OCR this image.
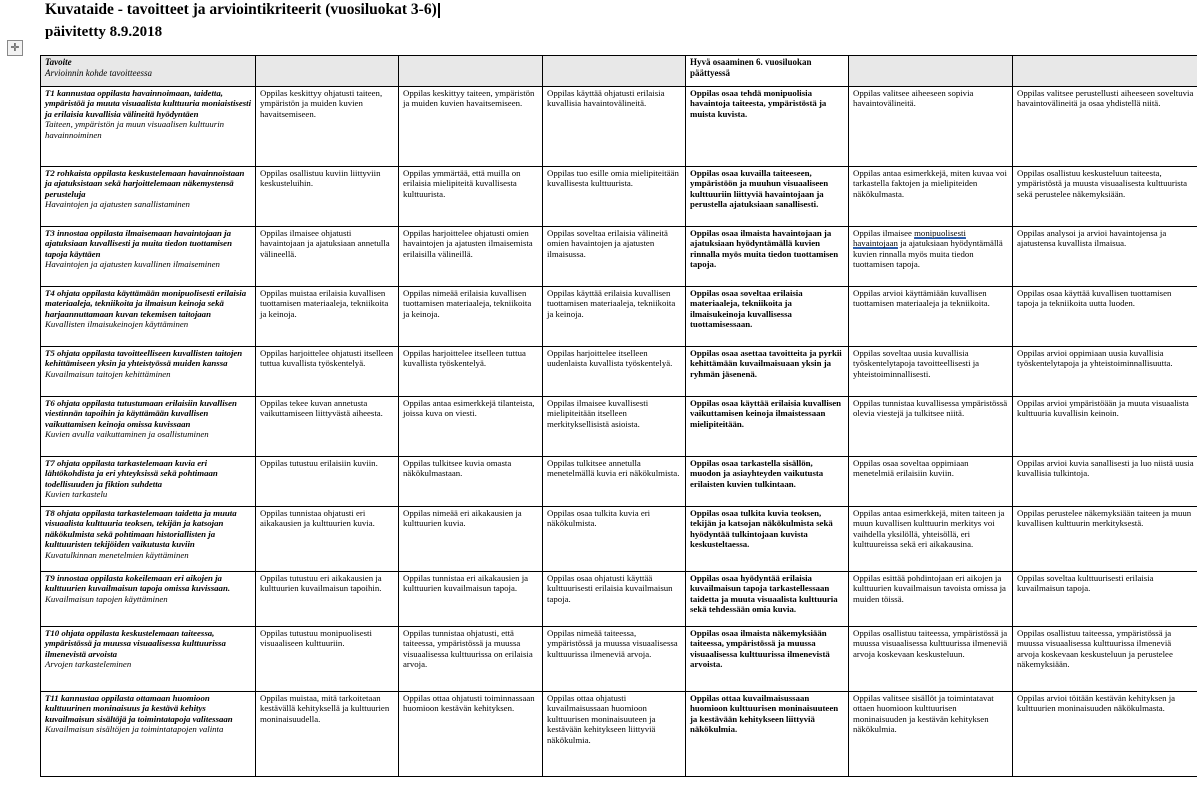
Kuvataide - tavoitteet ja arviointikriteerit (vuosiluokat 3-6)
päivitetty 8.9.2018
✛
Tavoite
Arvioinnin kohde tavoitteessa				Hyvä osaaminen 6. vuosiluokan päättyessä		

T1 kannustaa oppilasta havainnoimaan, taidetta, ympäristöä ja muuta visuaalista kulttuuria moniaistisesti ja erilaisia kuvallisia välineitä hyödyntäen
Taiteen, ympäristön ja muun visuaalisen kulttuurin havainnoiminen	Oppilas keskittyy ohjatusti taiteen, ympäristön ja muiden kuvien havaitsemiseen.	Oppilas keskittyy taiteen, ympäristön ja muiden kuvien havaitsemiseen.	Oppilas käyttää ohjatusti erilaisia kuvallisia havaintovälineitä.	Oppilas osaa tehdä monipuolisia havaintoja taiteesta, ympäristöstä ja muista kuvista.	Oppilas valitsee aiheeseen sopivia havaintovälineitä.	Oppilas valitsee perustellusti aiheeseen soveltuvia havaintovälineitä ja osaa yhdistellä niitä.

T2 rohkaista oppilasta keskustelemaan havainnoistaan ja ajatuksistaan sekä harjoittelemaan näkemystensä perusteluja
Havaintojen ja ajatusten sanallistaminen	Oppilas osallistuu kuviin liittyviin keskusteluihin.	Oppilas ymmärtää, että muilla on erilaisia mielipiteitä kuvallisesta kulttuurista.	Oppilas tuo esille omia mielipiteitään kuvallisesta kulttuurista.	Oppilas osaa kuvailla taiteeseen, ympäristöön ja muuhun visuaaliseen kulttuuriin liittyviä havaintojaan ja perustella ajatuksiaan sanallisesti.	Oppilas antaa esimerkkejä, miten kuvaa voi tarkastella faktojen ja mielipiteiden näkökulmasta.	Oppilas osallistuu keskusteluun taiteesta, ympäristöstä ja muusta visuaalisesta kulttuurista sekä perustelee näkemyksiään.

T3 innostaa oppilasta ilmaisemaan havaintojaan ja ajatuksiaan kuvallisesti ja muita tiedon tuottamisen tapoja käyttäen
Havaintojen ja ajatusten kuvallinen ilmaiseminen	Oppilas ilmaisee ohjatusti havaintojaan ja ajatuksiaan annetulla välineellä.	Oppilas harjoittelee ohjatusti omien havaintojen ja ajatusten ilmaisemista erilaisilla välineillä.	Oppilas soveltaa erilaisia välineitä omien havaintojen ja ajatusten ilmaisussa.	Oppilas osaa ilmaista havaintojaan ja ajatuksiaan hyödyntämällä kuvien rinnalla myös muita tiedon tuottamisen tapoja.	Oppilas ilmaisee monipuolisesti havaintojaan ja ajatuksiaan hyödyntämällä kuvien rinnalla myös muita tiedon tuottamisen tapoja.	Oppilas analysoi ja arvioi havaintojensa ja ajatustensa kuvallista ilmaisua.

T4 ohjata oppilasta käyttämään monipuolisesti erilaisia materiaaleja, tekniikoita ja ilmaisun keinoja sekä harjaannuttamaan kuvan tekemisen taitojaan
Kuvallisten ilmaisukeinojen käyttäminen	Oppilas muistaa erilaisia kuvallisen tuottamisen materiaaleja, tekniikoita ja keinoja.	Oppilas nimeää erilaisia kuvallisen tuottamisen materiaaleja, tekniikoita ja keinoja.	Oppilas käyttää erilaisia kuvallisen tuottamisen materiaaleja, tekniikoita ja keinoja.	Oppilas osaa soveltaa erilaisia materiaaleja, tekniikoita ja ilmaisukeinoja kuvallisessa tuottamisessaan.	Oppilas arvioi käyttämiään kuvallisen tuottamisen materiaaleja ja tekniikoita.	Oppilas osaa käyttää kuvallisen tuottamisen tapoja ja tekniikoita uutta luoden.

T5 ohjata oppilasta tavoitteelliseen kuvallisten taitojen kehittämiseen yksin ja yhteistyössä muiden kanssa
Kuvailmaisun taitojen kehittäminen	Oppilas harjoittelee ohjatusti itselleen tuttua kuvallista työskentelyä.	Oppilas harjoittelee itselleen tuttua kuvallista työskentelyä.	Oppilas harjoittelee itselleen uudenlaista kuvallista työskentelyä.	Oppilas osaa asettaa tavoitteita ja pyrkii kehittämään kuvailmaisuaan yksin ja ryhmän jäsenenä.	Oppilas soveltaa uusia kuvallisia työskentelytapoja tavoitteellisesti ja yhteistoiminnallisesti.	Oppilas arvioi oppimiaan uusia kuvallisia työskentelytapoja ja yhteistoiminnallisuutta.

T6 ohjata oppilasta tutustumaan erilaisiin kuvallisen viestinnän tapoihin ja käyttämään kuvallisen vaikuttamisen keinoja omissa kuvissaan
Kuvien avulla vaikuttaminen ja osallistuminen	Oppilas tekee kuvan annetusta vaikuttamiseen liittyvästä aiheesta.	Oppilas antaa esimerkkejä tilanteista, joissa kuva on viesti.	Oppilas ilmaisee kuvallisesti mielipiteitään itselleen merkityksellisistä asioista.	Oppilas osaa käyttää erilaisia kuvallisen vaikuttamisen keinoja ilmaistessaan mielipiteitään.	Oppilas tunnistaa kuvallisessa ympäristössä olevia viestejä ja tulkitsee niitä.	Oppilas arvioi ympäristöään ja muuta visuaalista kulttuuria kuvallisin keinoin.

T7 ohjata oppilasta tarkastelemaan kuvia eri lähtökohdista ja eri yhteyksissä sekä pohtimaan todellisuuden ja fiktion suhdetta
Kuvien tarkastelu	Oppilas tutustuu erilaisiin kuviin.	Oppilas tulkitsee kuvia omasta näkökulmastaan.	Oppilas tulkitsee annetulla menetelmällä kuvia eri näkökulmista.	Oppilas osaa tarkastella sisällön, muodon ja asiayhteyden vaikutusta erilaisten kuvien tulkintaan.	Oppilas osaa soveltaa oppimiaan menetelmiä erilaisiin kuviin.	Oppilas arvioi kuvia sanallisesti ja luo niistä uusia kuvallisia tulkintoja.

T8 ohjata oppilasta tarkastelemaan taidetta ja muuta visuaalista kulttuuria teoksen, tekijän ja katsojan näkökulmista sekä pohtimaan historiallisten ja kulttuuristen tekijöiden vaikutusta kuviin
Kuvatulkinnan menetelmien käyttäminen	Oppilas tunnistaa ohjatusti eri aikakausien ja kulttuurien kuvia.	Oppilas nimeää eri aikakausien ja kulttuurien kuvia.	Oppilas osaa tulkita kuvia eri näkökulmista.	Oppilas osaa tulkita kuvia teoksen, tekijän ja katsojan näkökulmista sekä hyödyntää tulkintojaan kuvista keskusteltaessa.	Oppilas antaa esimerkkejä, miten taiteen ja muun kuvallisen kulttuurin merkitys voi vaihdella yksilöllä, yhteisöllä, eri kulttuureissa sekä eri aikakausina.	Oppilas perustelee näkemyksiään taiteen ja muun kuvallisen kulttuurin merkityksestä.

T9 innostaa oppilasta kokeilemaan eri aikojen ja kulttuurien kuvailmaisun tapoja omissa kuvissaan.
Kuvailmaisun tapojen käyttäminen	Oppilas tutustuu eri aikakausien ja kulttuurien kuvailmaisun tapoihin.	Oppilas tunnistaa eri aikakausien ja kulttuurien kuvailmaisun tapoja.	Oppilas osaa ohjatusti käyttää kulttuurisesti erilaisia kuvailmaisun tapoja.	Oppilas osaa hyödyntää erilaisia kuvailmaisun tapoja tarkastellessaan taidetta ja muuta visuaalista kulttuuria sekä tehdessään omia kuvia.	Oppilas esittää pohdintojaan eri aikojen ja kulttuurien kuvailmaisun tavoista omissa ja muiden töissä.	Oppilas soveltaa kulttuurisesti erilaisia kuvailmaisun tapoja.

T10 ohjata oppilasta keskustelemaan taiteessa, ympäristössä ja muussa visuaalisessa kulttuurissa ilmenevistä arvoista
Arvojen tarkasteleminen	Oppilas tutustuu monipuolisesti visuaaliseen kulttuuriin.	Oppilas tunnistaa ohjatusti, että taiteessa, ympäristössä ja muussa visuaalisessa kulttuurissa on erilaisia arvoja.	Oppilas nimeää taiteessa, ympäristössä ja muussa visuaalisessa kulttuurissa ilmeneviä arvoja.	Oppilas osaa ilmaista näkemyksiään taiteessa, ympäristössä ja muussa visuaalisessa kulttuurissa ilmenevistä arvoista.	Oppilas osallistuu taiteessa, ympäristössä ja muussa visuaalisessa kulttuurissa ilmeneviä arvoja koskevaan keskusteluun.	Oppilas osallistuu taiteessa, ympäristössä ja muussa visuaalisessa kulttuurissa ilmeneviä arvoja koskevaan keskusteluun ja perustelee näkemyksiään.

T11 kannustaa oppilasta ottamaan huomioon kulttuurinen moninaisuus ja kestävä kehitys kuvailmaisun sisältöjä ja toimintatapoja valitessaan
Kuvailmaisun sisältöjen ja toimintatapojen valinta	Oppilas muistaa, mitä tarkoitetaan kestävällä kehityksellä ja kulttuurien moninaisuudella.	Oppilas ottaa ohjatusti toiminnassaan huomioon kestävän kehityksen.	Oppilas ottaa ohjatusti kuvailmaisussaan huomioon kulttuurisen moninaisuuteen ja kestävään kehitykseen liittyviä näkökulmia.	Oppilas ottaa kuvailmaisussaan huomioon kulttuurisen moninaisuuteen ja kestävään kehitykseen liittyviä näkökulmia.	Oppilas valitsee sisällöt ja toimintatavat ottaen huomioon kulttuurisen moninaisuuden ja kestävän kehityksen näkökulmia.	Oppilas arvioi töitään kestävän kehityksen ja kulttuurien moninaisuuden näkökulmasta.
